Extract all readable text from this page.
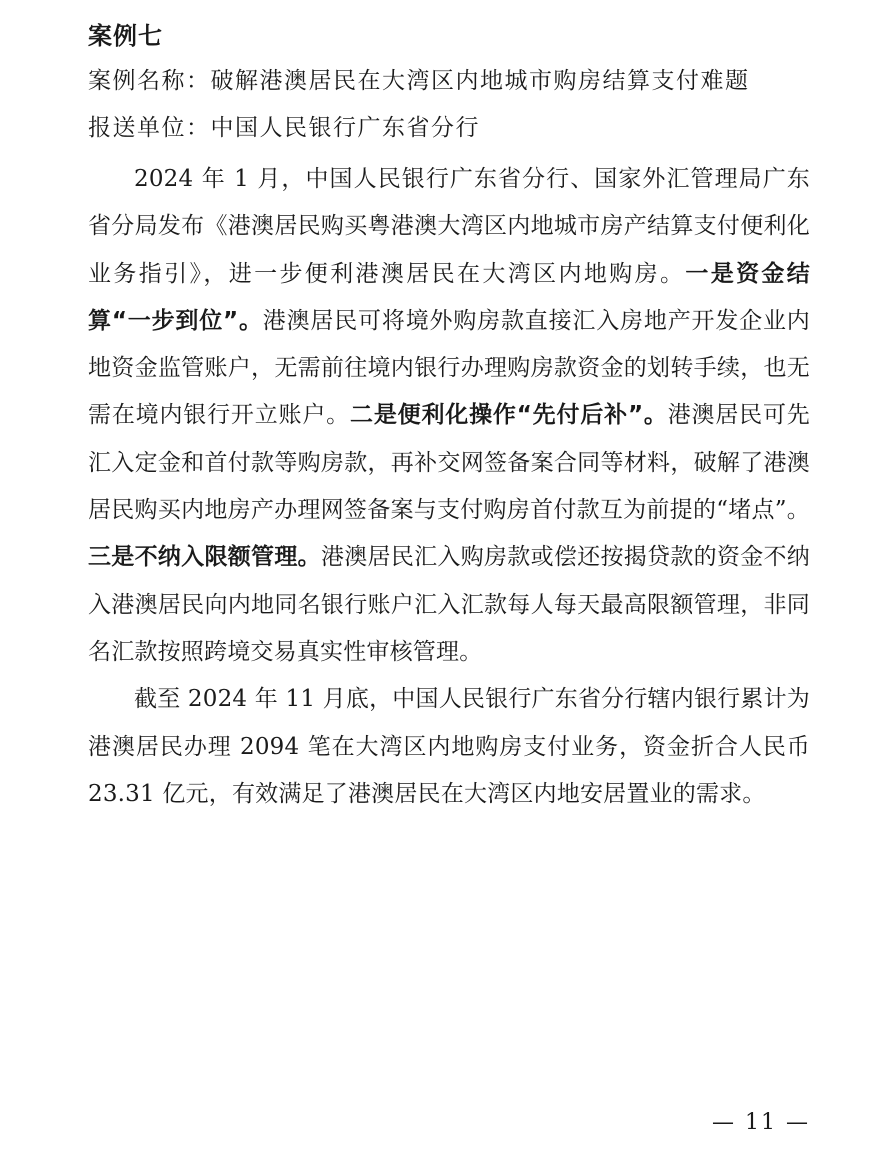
案例七
案例名称：破解港澳居民在大湾区内地城市购房结算支付难题
报送单位：中国人民银行广东省分行

2024 年 1 月，中国人民银行广东省分行、国家外汇管理局广东省分局发布《港澳居民购买粤港澳大湾区内地城市房产结算支付便利化业务指引》，进一步便利港澳居民在大湾区内地购房。一是资金结算“一步到位”。港澳居民可将境外购房款直接汇入房地产开发企业内地资金监管账户，无需前往境内银行办理购房款资金的划转手续，也无需在境内银行开立账户。二是便利化操作“先付后补”。港澳居民可先汇入定金和首付款等购房款，再补交网签备案合同等材料，破解了港澳居民购买内地房产办理网签备案与支付购房首付款互为前提的“堵点”。三是不纳入限额管理。港澳居民汇入购房款或偿还按揭贷款的资金不纳入港澳居民向内地同名银行账户汇入汇款每人每天最高限额管理，非同名汇款按照跨境交易真实性审核管理。

截至 2024 年 11 月底，中国人民银行广东省分行辖内银行累计为港澳居民办理 2094 笔在大湾区内地购房支付业务，资金折合人民币 23.31 亿元，有效满足了港澳居民在大湾区内地安居置业的需求。

— 11 —
